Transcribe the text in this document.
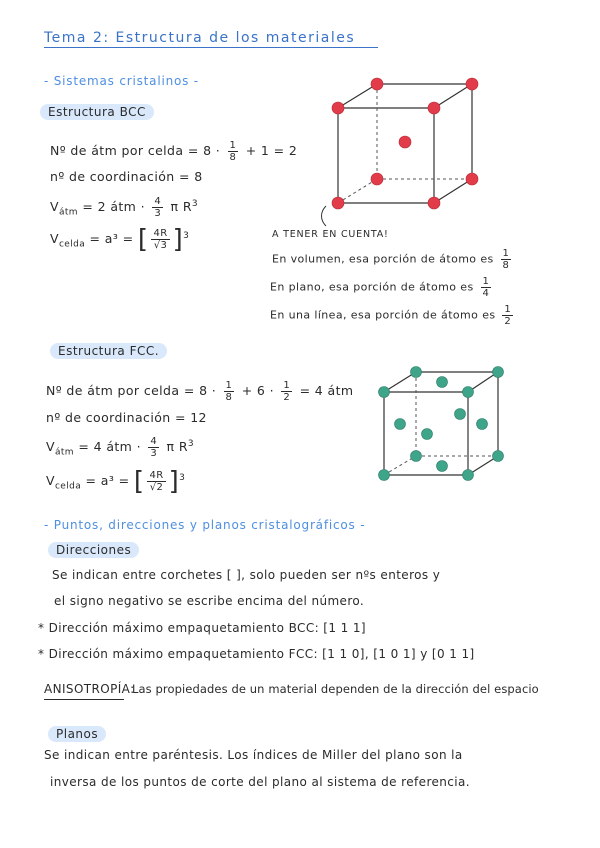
Tema 2: Estructura de los materiales
- Sistemas cristalinos -
Estructura BCC
Nº de átm por celda = $8 \cdot \frac{1}{8} + 1 = 2$
nº de coordinación = 8
$V_{átm} = 2$ átm · $\frac{4}{3}$ π $R^3$
$V_{celda} = a^3$ = [ $\frac{4R}{√3} ]^3$	A TENER EN CUENTA!
En volumen, esa porción de átomo es $\frac{1}{8}$
En plano, esa porción de átomo es $\frac{1}{4}$
En una línea, esa porción de átomo es $\frac{1}{2}$
Estructura FCC.
Nº de átm por celda = $8 \cdot \frac{1}{8} + 6 \cdot \frac{1}{2} = 4$ átm
nº de coordinación = 12
$V_{átm} = 4$ átm · $\frac{4}{3}$ π $R^3$
$V_{celda} = a^3$ = [ $\frac{4R}{√2} ]^3$
- Puntos, direcciones y planos cristalográficos -
Direcciones
Se indican entre corchetes [ ], solo pueden ser nºs enteros y
el signo negativo se escribe encima del número.
* Dirección máximo empaquetamiento BCC: [1 1 1]
* Dirección máximo empaquetamiento FCC: [1 1 0], [1 0 1] y [0 1 1]
ANISOTROPÍA:
Las propiedades de un material dependen de la dirección del espacio
Planos
Se indican entre paréntesis. Los índices de Miller del plano son la
inversa de los puntos de corte del plano al sistema de referencia.
